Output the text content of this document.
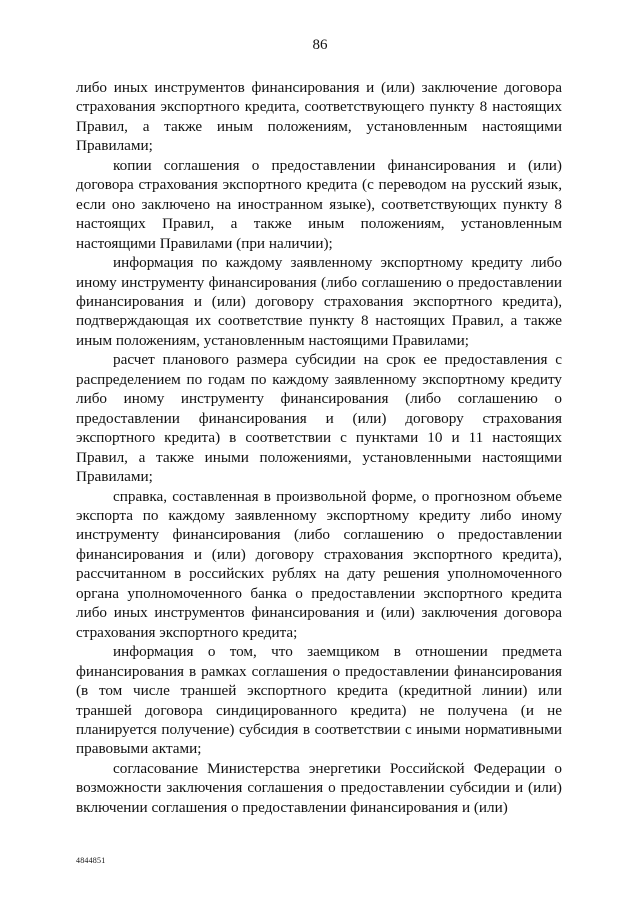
86

либо иных инструментов финансирования и (или) заключение договора страхования экспортного кредита, соответствующего пункту 8 настоящих Правил, а также иным положениям, установленным настоящими Правилами;

копии соглашения о предоставлении финансирования и (или) договора страхования экспортного кредита (с переводом на русский язык, если оно заключено на иностранном языке), соответствующих пункту 8 настоящих Правил, а также иным положениям, установленным настоящими Правилами (при наличии);

информация по каждому заявленному экспортному кредиту либо иному инструменту финансирования (либо соглашению о предоставлении финансирования и (или) договору страхования экспортного кредита), подтверждающая их соответствие пункту 8 настоящих Правил, а также иным положениям, установленным настоящими Правилами;

расчет планового размера субсидии на срок ее предоставления с распределением по годам по каждому заявленному экспортному кредиту либо иному инструменту финансирования (либо соглашению о предоставлении финансирования и (или) договору страхования экспортного кредита) в соответствии с пунктами 10 и 11 настоящих Правил, а также иными положениями, установленными настоящими Правилами;

справка, составленная в произвольной форме, о прогнозном объеме экспорта по каждому заявленному экспортному кредиту либо иному инструменту финансирования (либо соглашению о предоставлении финансирования и (или) договору страхования экспортного кредита), рассчитанном в российских рублях на дату решения уполномоченного органа уполномоченного банка о предоставлении экспортного кредита либо иных инструментов финансирования и (или) заключения договора страхования экспортного кредита;

информация о том, что заемщиком в отношении предмета финансирования в рамках соглашения о предоставлении финансирования (в том числе траншей экспортного кредита (кредитной линии) или траншей договора синдицированного кредита) не получена (и не планируется получение) субсидия в соответствии с иными нормативными правовыми актами;

согласование Министерства энергетики Российской Федерации о возможности заключения соглашения о предоставлении субсидии и (или) включении соглашения о предоставлении финансирования и (или)

4844851
